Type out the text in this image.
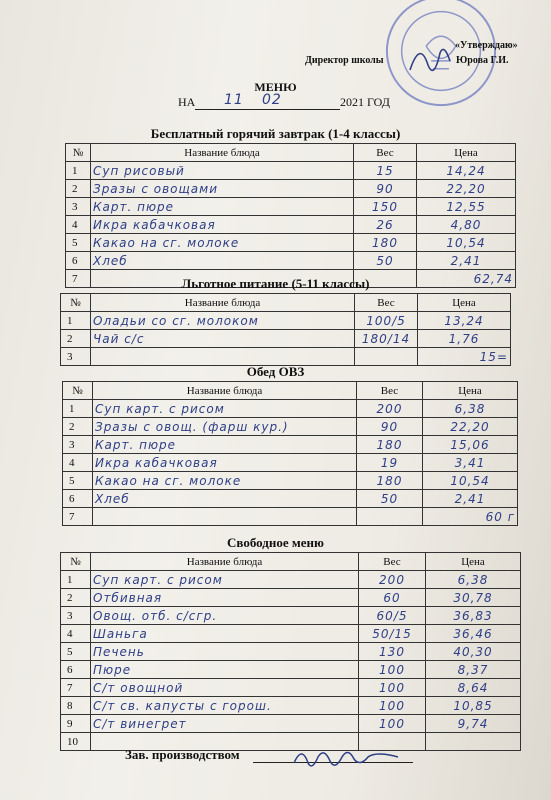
«Утверждаю»
Директор школы	Юрова Г.И.
МЕНЮ
НА 11 02	2021 ГОД
Бесплатный горячий завтрак (1-4 классы)
№	Название блюда	Вес	Цена
1	Суп рисовый	15	14,24
2	Зразы с овощами	90	22,20
3	Карт. пюре	150	12,55
4	Икра кабачковая	26	4,80
5	Какао на сг. молоке	180	10,54
6	Хлеб	50	2,41
7			62,74
Льготное питание (5-11 классы)
№	Название блюда	Вес	Цена
1	Оладьи со сг. молоком	100/5	13,24
2	Чай с/с	180/14	1,76
3			15=
Обед ОВЗ
№	Название блюда	Вес	Цена
1	Суп карт. с рисом	200	6,38
2	Зразы с овощ. (фарш кур.)	90	22,20
3	Карт. пюре	180	15,06
4	Икра кабачковая	19	3,41
5	Какао на сг. молоке	180	10,54
6	Хлеб	50	2,41
7			60 г
Свободное меню
№	Название блюда	Вес	Цена
1	Суп карт. с рисом	200	6,38
2	Отбивная	60	30,78
3	Овощ. отб. с/сгр.	60/5	36,83
4	Шаньга	50/15	36,46
5	Печень	130	40,30
6	Пюре	100	8,37
7	С/т овощной	100	8,64
8	С/т св. капусты с горош.	100	10,85
9	С/т винегрет	100	9,74
10			
Зав. производством
